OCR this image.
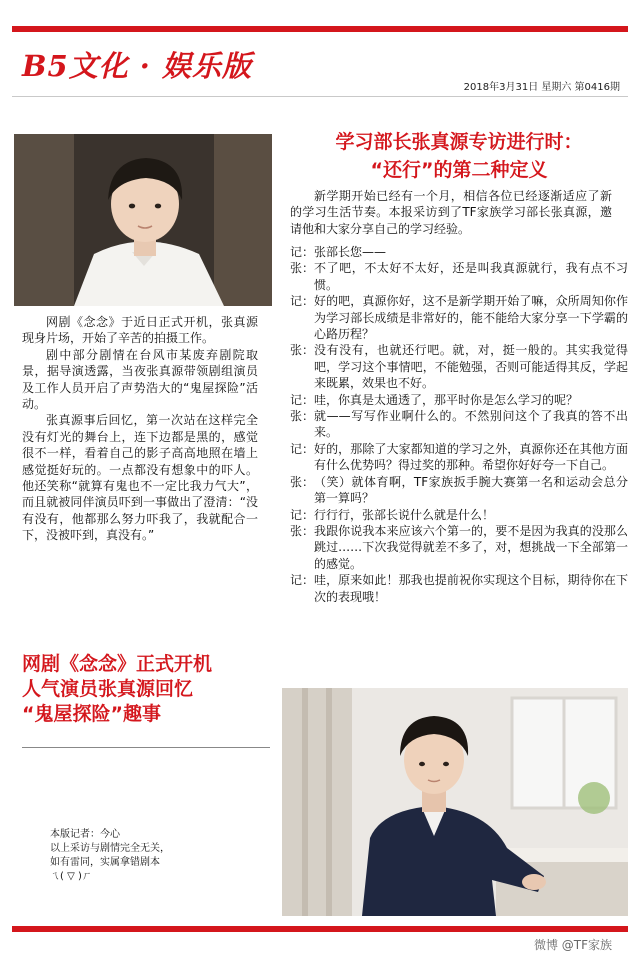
B5文化 · 娱乐版
2018年3月31日 星期六 第0416期

网剧《念念》于近日正式开机，张真源现身片场，开始了辛苦的拍摄工作。

剧中部分剧情在台风市某废弃剧院取景，据导演透露，当夜张真源带领剧组演员及工作人员开启了声势浩大的“鬼屋探险”活动。

张真源事后回忆，第一次站在这样完全没有灯光的舞台上，连下边都是黑的，感觉很不一样，看着自己的影子高高地照在墙上感觉挺好玩的。一点都没有想象中的吓人。他还笑称“就算有鬼也不一定比我力气大”，而且就被同伴演员吓到一事做出了澄清：“没有没有，他都那么努力吓我了，我就配合一下，没被吓到，真没有。”

网剧《念念》正式开机
人气演员张真源回忆
“鬼屋探险”趣事
本版记者：今心
以上采访与剧情完全无关，
如有雷同，实属拿错剧本
ㄟ( ▽ )ㄏ
学习部长张真源专访进行时：
“还行”的第二种定义
新学期开始已经有一个月，相信各位已经逐渐适应了新的学习生活节奏。本报采访到了TF家族学习部长张真源，邀请他和大家分享自己的学习经验。
记： 张部长您——
张： 不了吧，不太好不太好，还是叫我真源就行，我有点不习惯。
记： 好的吧，真源你好，这不是新学期开始了嘛，众所周知你作为学习部长成绩是非常好的，能不能给大家分享一下学霸的心路历程？
张： 没有没有，也就还行吧。就，对，挺一般的。其实我觉得吧，学习这个事情吧，不能勉强，否则可能适得其反，学起来既累，效果也不好。
记： 哇，你真是太通透了，那平时你是怎么学习的呢？
张： 就——写写作业啊什么的。不然别问这个了我真的答不出来。
记： 好的，那除了大家都知道的学习之外，真源你还在其他方面有什么优势吗？得过奖的那种。希望你好好夸一下自己。
张： （笑）就体育啊，TF家族扳手腕大赛第一名和运动会总分第一算吗？
记： 行行行，张部长说什么就是什么！
张： 我跟你说我本来应该六个第一的，要不是因为我真的没那么跳过……下次我觉得就差不多了，对，想挑战一下全部第一的感觉。
记： 哇，原来如此！那我也提前祝你实现这个目标，期待你在下次的表现哦！
微博 @TF家族
